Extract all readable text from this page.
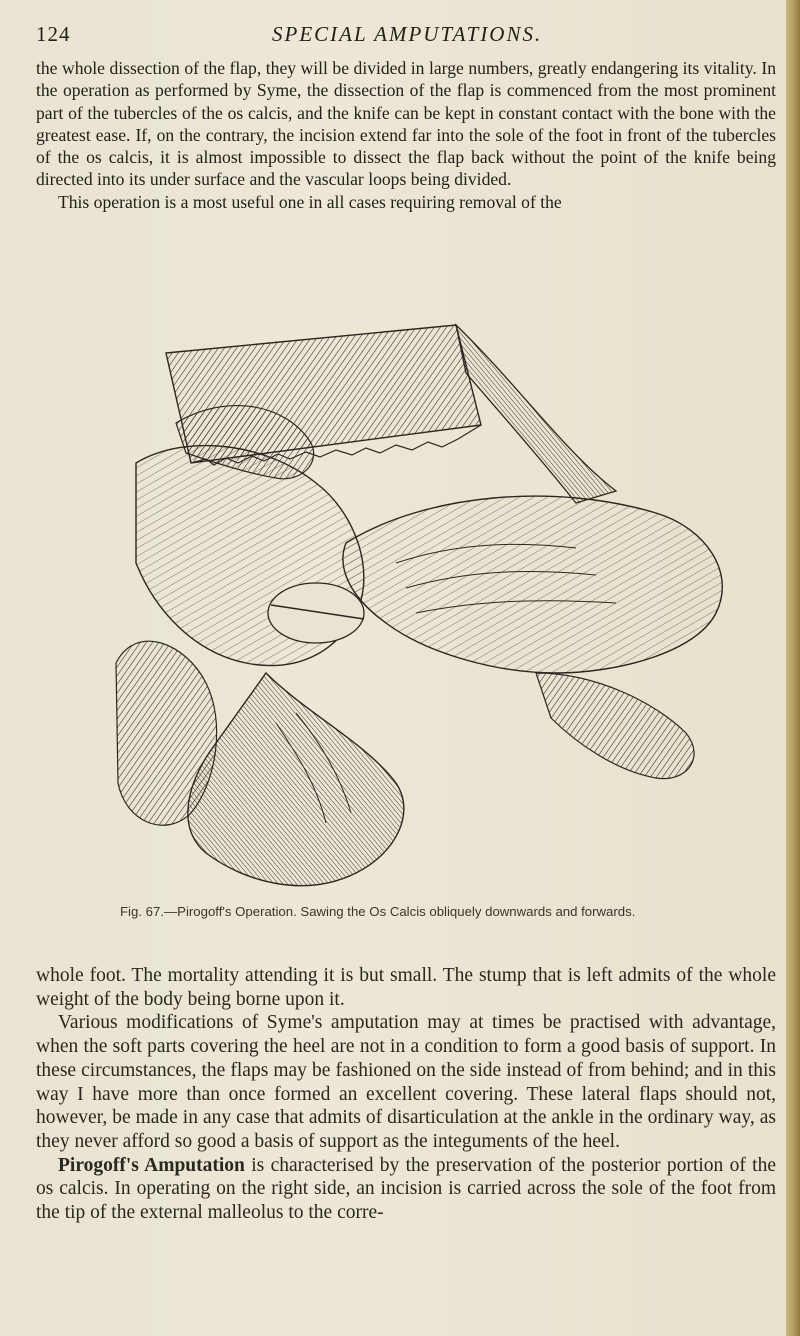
124	SPECIAL AMPUTATIONS.

the whole dissection of the flap, they will be divided in large numbers, greatly endangering its vitality. In the operation as performed by Syme, the dissection of the flap is commenced from the most prominent part of the tubercles of the os calcis, and the knife can be kept in constant contact with the bone with the greatest ease. If, on the contrary, the incision extend far into the sole of the foot in front of the tubercles of the os calcis, it is almost impossible to dissect the flap back without the point of the knife being directed into its under surface and the vascular loops being divided.

This operation is a most useful one in all cases requiring removal of the

Fig. 67.—Pirogoff's Operation. Sawing the Os Calcis obliquely downwards and forwards.

whole foot. The mortality attending it is but small. The stump that is left admits of the whole weight of the body being borne upon it.

Various modifications of Syme's amputation may at times be practised with advantage, when the soft parts covering the heel are not in a condition to form a good basis of support. In these circumstances, the flaps may be fashioned on the side instead of from behind; and in this way I have more than once formed an excellent covering. These lateral flaps should not, however, be made in any case that admits of disarticulation at the ankle in the ordinary way, as they never afford so good a basis of support as the integuments of the heel.

Pirogoff's Amputation is characterised by the preservation of the posterior portion of the os calcis. In operating on the right side, an incision is carried across the sole of the foot from the tip of the external malleolus to the corre-
